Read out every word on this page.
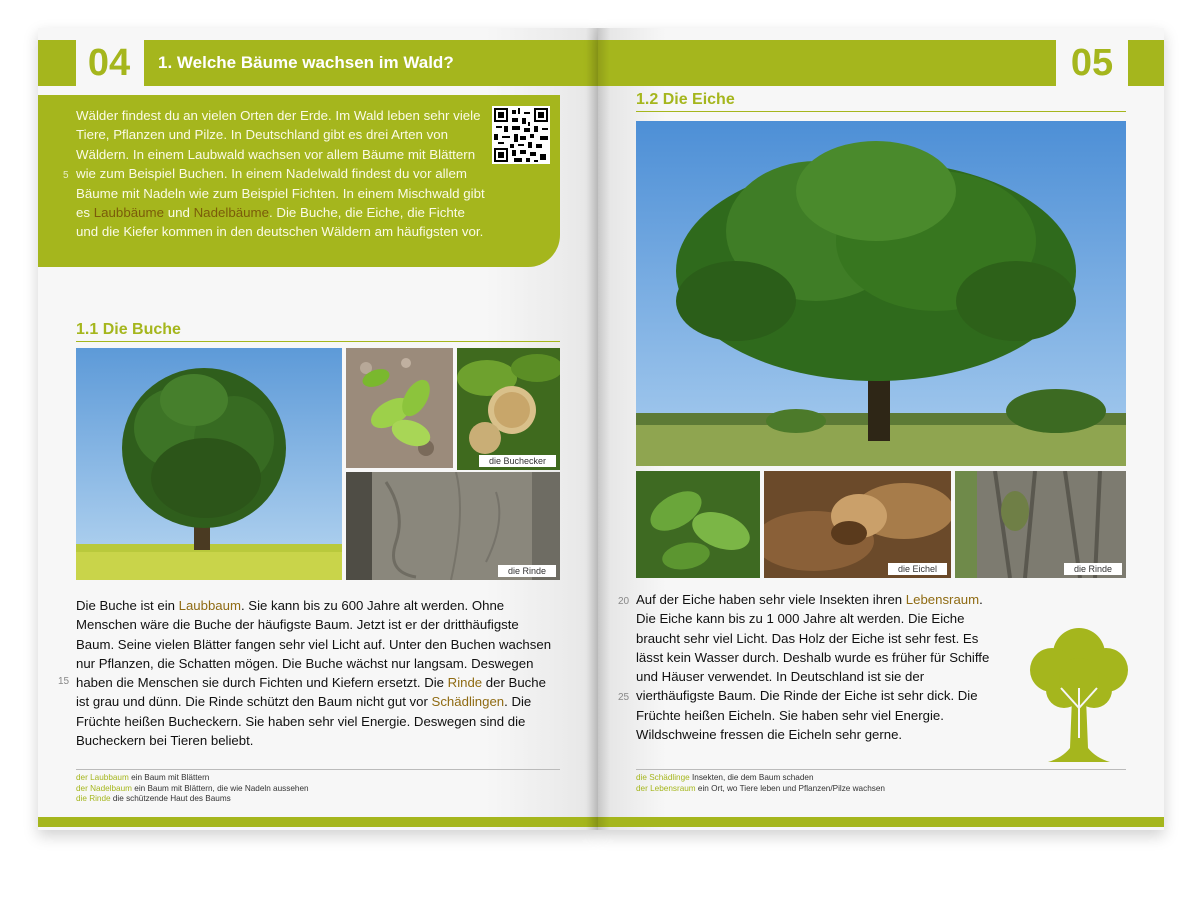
04	1. Welche Bäume wachsen im Wald?
Wälder findest du an vielen Orten der Erde. Im Wald leben sehr viele Tiere, Pflanzen und Pilze. In Deutschland gibt es drei Arten von Wäldern. In einem Laubwald wachsen vor allem Bäume mit Blättern wie zum Beispiel Buchen. In einem Nadelwald findest du vor allem Bäume mit Nadeln wie zum Beispiel Fichten. In einem Mischwald gibt es Laubbäume und Nadelbäume. Die Buche, die Eiche, die Fichte und die Kiefer kommen in den deutschen Wäldern am häufigsten vor.
5
1.1 Die Buche
die Buchecker
die Rinde
Die Buche ist ein Laubbaum. Sie kann bis zu 600 Jahre alt werden. Ohne Menschen wäre die Buche der häufigste Baum. Jetzt ist er der dritthäufigste Baum. Seine vielen Blätter fangen sehr viel Licht auf. Unter den Buchen wachsen nur Pflanzen, die Schatten mögen. Die Buche wächst nur langsam. Deswegen haben die Menschen sie durch Fichten und Kiefern ersetzt. Die Rinde der Buche ist grau und dünn. Die Rinde schützt den Baum nicht gut vor Schädlingen. Die Früchte heißen Bucheckern. Sie haben sehr viel Energie. Deswegen sind die Bucheckern bei Tieren beliebt.
15
der Laubbaum ein Baum mit Blättern
der Nadelbaum ein Baum mit Blättern, die wie Nadeln aussehen
die Rinde die schützende Haut des Baums
05
1.2 Die Eiche
die Eichel	die Rinde
Auf der Eiche haben sehr viele Insekten ihren Lebensraum. Die Eiche kann bis zu 1 000 Jahre alt werden. Die Eiche braucht sehr viel Licht. Das Holz der Eiche ist sehr fest. Es lässt kein Wasser durch. Deshalb wurde es früher für Schiffe und Häuser verwendet. In Deutschland ist sie der vierthäufigste Baum. Die Rinde der Eiche ist sehr dick. Die Früchte heißen Eicheln. Sie haben sehr viel Energie. Wildschweine fressen die Eicheln sehr gerne.
20
25
die Schädlinge Insekten, die dem Baum schaden
der Lebensraum ein Ort, wo Tiere leben und Pflanzen/Pilze wachsen
